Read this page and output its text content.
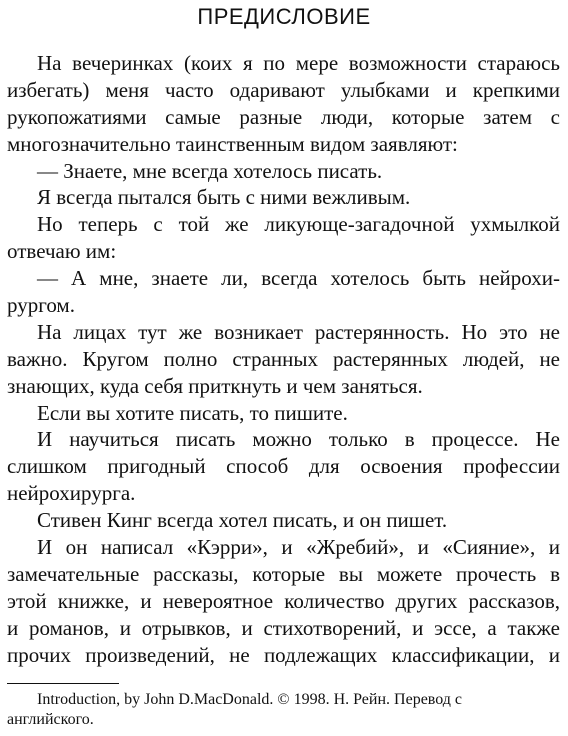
ПРЕДИСЛОВИЕ
На вечеринках (коих я по мере возможности стараюсь
избегать) меня часто одаривают улыбками и крепкими
рукопожатиями самые разные люди, которые затем с
многозначительно таинственным видом заявляют:
— Знаете, мне всегда хотелось писать.
Я всегда пытался быть с ними вежливым.
Но теперь с той же ликующе-загадочной ухмылкой
отвечаю им:
— А мне, знаете ли, всегда хотелось быть нейрохи-
рургом.
На лицах тут же возникает растерянность. Но это не
важно. Кругом полно странных растерянных людей, не
знающих, куда себя приткнуть и чем заняться.
Если вы хотите писать, то пишите.
И научиться писать можно только в процессе. Не
слишком пригодный способ для освоения профессии
нейрохирурга.
Стивен Кинг всегда хотел писать, и он пишет.
И он написал «Кэрри», и «Жребий», и «Сияние», и
замечательные рассказы, которые вы можете прочесть в
этой книжке, и невероятное количество других рассказов,
и романов, и отрывков, и стихотворений, и эссе, а также
прочих произведений, не подлежащих классификации, и
Introduction, by John D.MacDonald. © 1998. Н. Рейн. Перевод с
английского.
